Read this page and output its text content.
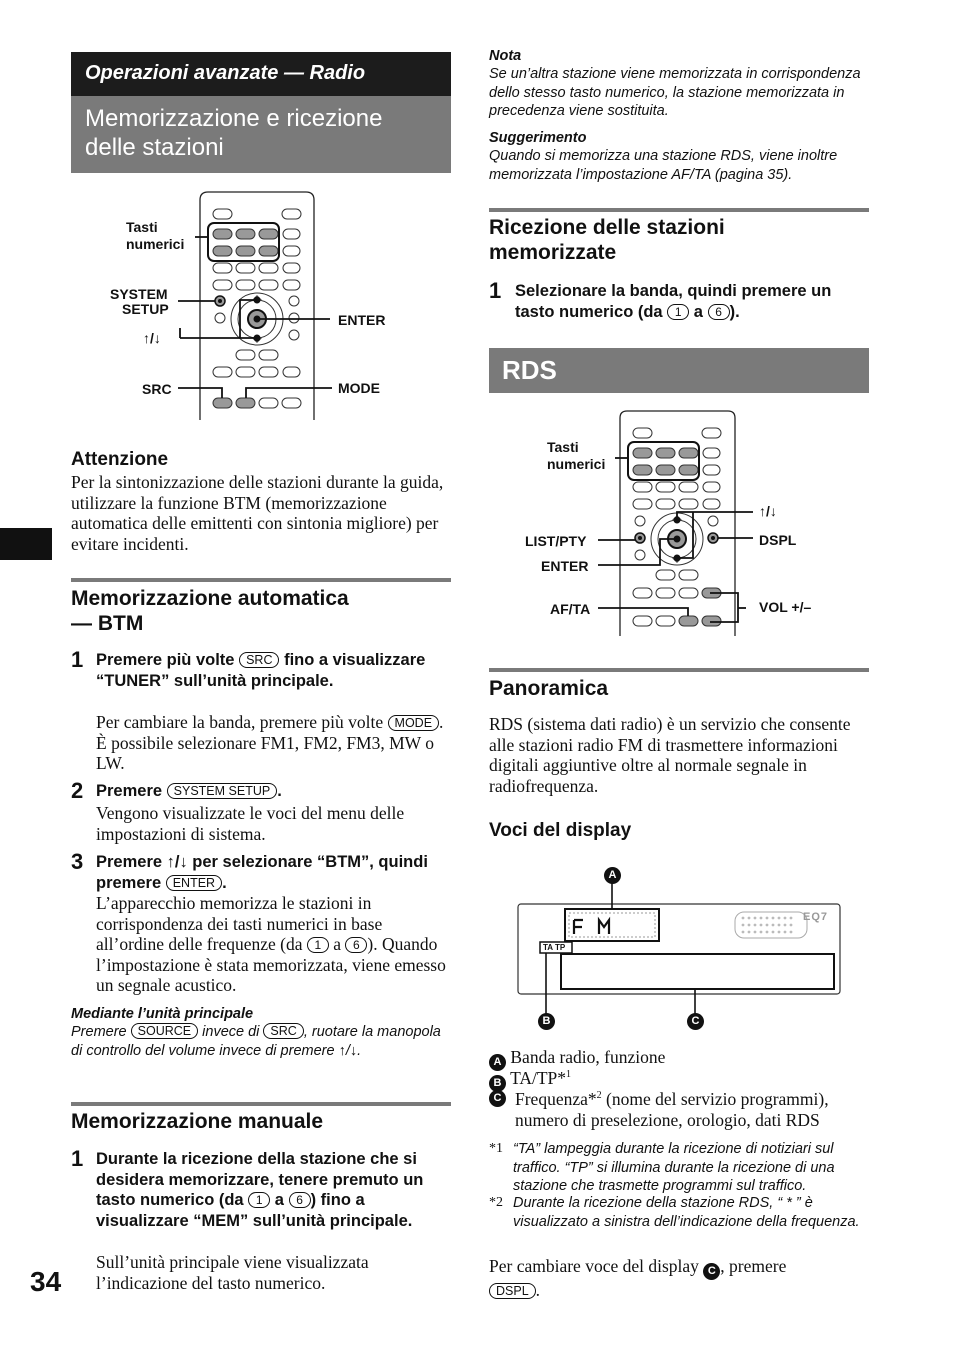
34
Operazioni avanzate — Radio
Memorizzazione e ricezione delle stazioni
Tasti
numerici
SYSTEM
SETUP
↑/↓
SRC
ENTER
MODE
Attenzione
Per la sintonizzazione delle stazioni durante la guida, utilizzare la funzione BTM (memorizzazione automatica delle emittenti con sintonia migliore) per evitare incidenti.
Memorizzazione automatica
— BTM
1 Premere più volte SRC fino a visualizzare “TUNER” sull’unità principale.
Per cambiare la banda, premere più volte MODE . È possibile selezionare FM1, FM2, FM3, MW o LW.
2 Premere SYSTEM SETUP .
Vengono visualizzate le voci del menu delle impostazioni di sistema.
3 Premere ↑/↓ per selezionare “BTM”, quindi premere ENTER .
L’apparecchio memorizza le stazioni in corrispondenza dei tasti numerici in base all’ordine delle frequenze (da 1 a 6 ). Quando l’impostazione è stata memorizzata, viene emesso un segnale acustico.
Mediante l’unità principale
Premere SOURCE invece di SRC , ruotare la manopola di controllo del volume invece di premere ↑/↓.
Memorizzazione manuale
1 Durante la ricezione della stazione che si desidera memorizzare, tenere premuto un tasto numerico (da 1 a 6 ) fino a visualizzare “MEM” sull’unità principale.
Sull’unità principale viene visualizzata l’indicazione del tasto numerico.
Nota
Se un’altra stazione viene memorizzata in corrispondenza dello stesso tasto numerico, la stazione memorizzata in precedenza viene sostituita.
Suggerimento
Quando si memorizza una stazione RDS, viene inoltre memorizzata l’impostazione AF/TA (pagina 35).
Ricezione delle stazioni
memorizzate
1 Selezionare la banda, quindi premere un tasto numerico (da 1 a 6 ).
RDS
Tasti
numerici
↑/↓
LIST/PTY	DSPL
ENTER
AF/TA	VOL +/–
Panoramica
RDS (sistema dati radio) è un servizio che consente alle stazioni radio FM di trasmettere informazioni digitali aggiuntive oltre al normale segnale in radiofrequenza.
Voci del display
TA TP
EQ7
A
B	C
A Banda radio, funzione
B TA/TP*$^1$
C Frequenza*$^2$ (nome del servizio programmi), numero di preselezione, orologio, dati RDS
*1 “TA” lampeggia durante la ricezione di notiziari sul traffico. “TP” si illumina durante la ricezione di una stazione che trasmette programmi sul traffico.
*2 Durante la ricezione della stazione RDS, “ * ” è visualizzato a sinistra dell’indicazione della frequenza.
Per cambiare voce del display C , premere
DSPL .
